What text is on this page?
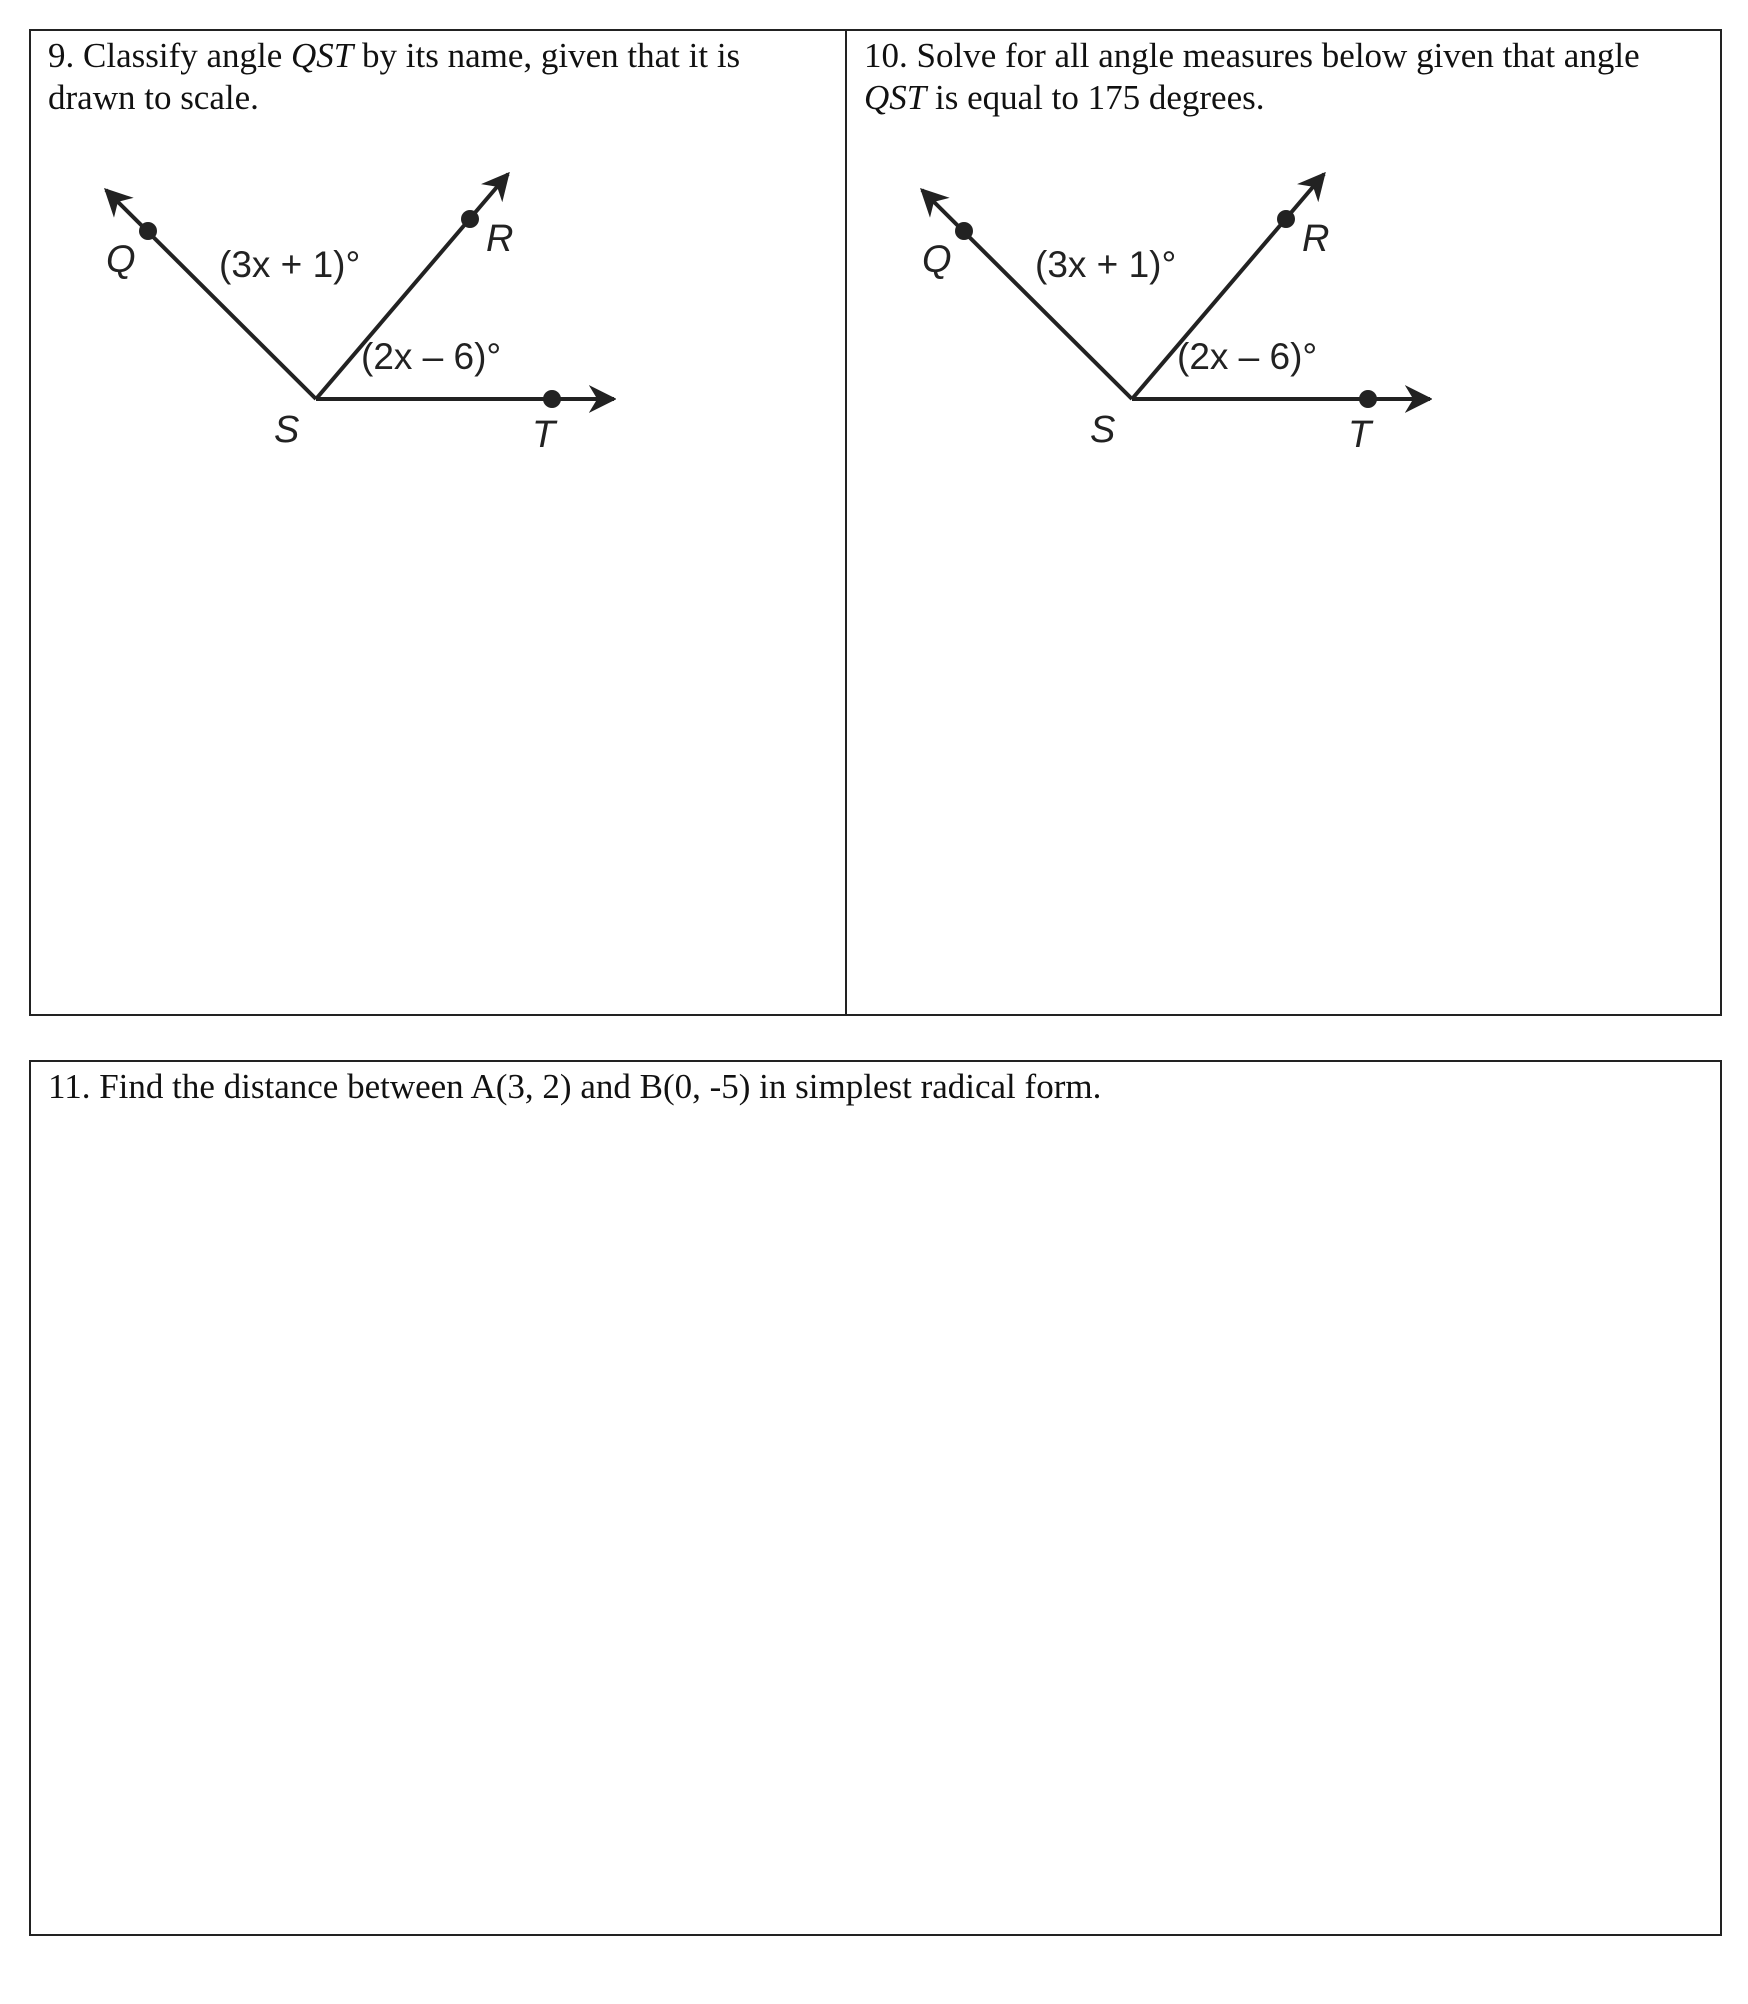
9. Classify angle QST by its name, given that it is drawn to scale.

Q	R
S	T
(3x + 1)°
(2x – 6)°

10. Solve for all angle measures below given that angle QST is equal to 175 degrees.

Q	R
S	T
(3x + 1)°
(2x – 6)°

11. Find the distance between A(3, 2) and B(0, -5) in simplest radical form.
